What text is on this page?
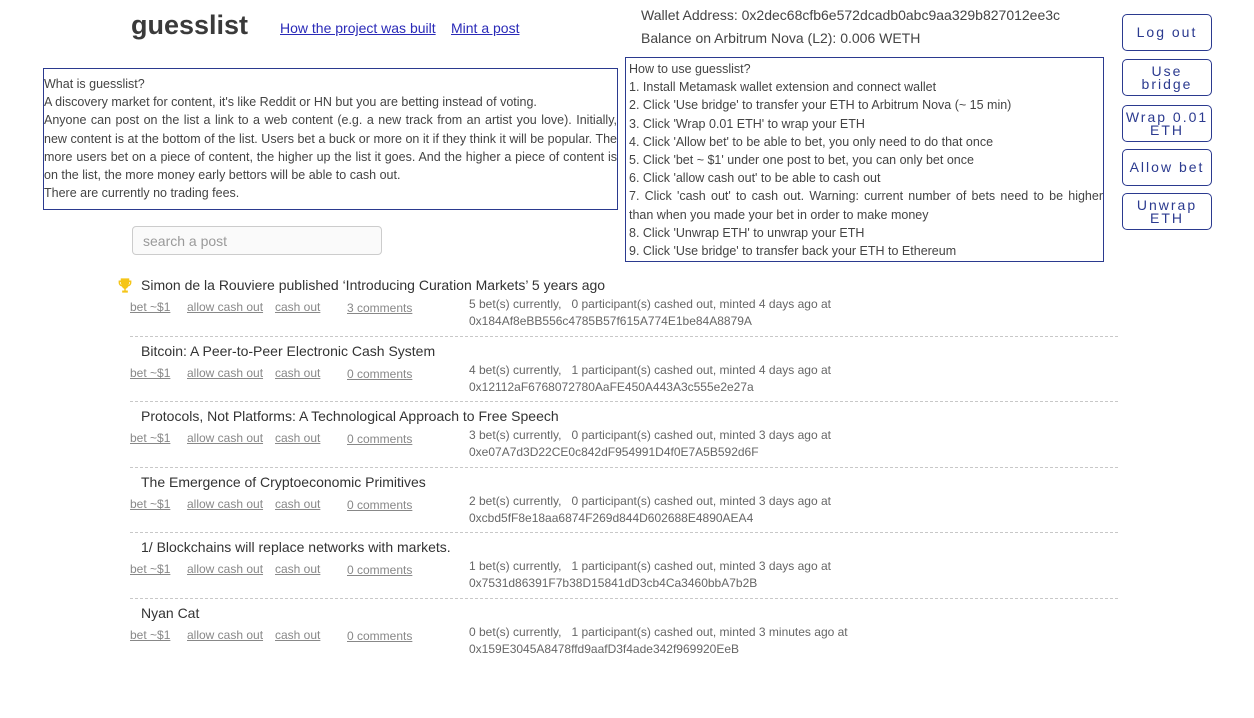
guesslist How the project was built Mint a post
Wallet Address: 0x2dec68cfb6e572dcadb0abc9aa329b827012ee3c
Balance on Arbitrum Nova (L2): 0.006 WETH	Log out
Use bridge
Wrap 0.01 ETH
Allow bet
Unwrap ETH

What is guesslist?

A discovery market for content, it's like Reddit or HN but you are betting instead of voting.

Anyone can post on the list a link to a web content (e.g. a new track from an artist you love). Initially, new content is at the bottom of the list. Users bet a buck or more on it if they think it will be popular. The more users bet on a piece of content, the higher up the list it goes. And the higher a piece of content is on the list, the more money early bettors will be able to cash out.

There are currently no trading fees.

How to use guesslist?

1. Install Metamask wallet extension and connect wallet

2. Click 'Use bridge' to transfer your ETH to Arbitrum Nova (~ 15 min)

3. Click 'Wrap 0.01 ETH' to wrap your ETH

4. Click 'Allow bet' to be able to bet, you only need to do that once

5. Click 'bet ~ $1' under one post to bet, you can only bet once

6. Click 'allow cash out' to be able to cash out

7. Click 'cash out' to cash out. Warning: current number of bets need to be higher than when you made your bet in order to make money

8. Click 'Unwrap ETH' to unwrap your ETH

9. Click 'Use bridge' to transfer back your ETH to Ethereum

search a post
Simon de la Rouviere published ‘Introducing Curation Markets’ 5 years ago
bet ~$1 allow cash out cash out 3 comments	5 bet(s) currently,   0 participant(s) cashed out, minted 4 days ago at
0x184Af8eBB556c4785B57f615A774E1be84A8879A
Bitcoin: A Peer-to-Peer Electronic Cash System
bet ~$1 allow cash out cash out 0 comments	4 bet(s) currently,   1 participant(s) cashed out, minted 4 days ago at
0x12112aF6768072780AaFE450A443A3c555e2e27a
Protocols, Not Platforms: A Technological Approach to Free Speech
bet ~$1 allow cash out cash out 0 comments	3 bet(s) currently,   0 participant(s) cashed out, minted 3 days ago at
0xe07A7d3D22CE0c842dF954991D4f0E7A5B592d6F
The Emergence of Cryptoeconomic Primitives
bet ~$1 allow cash out cash out 0 comments	2 bet(s) currently,   0 participant(s) cashed out, minted 3 days ago at
0xcbd5fF8e18aa6874F269d844D602688E4890AEA4
1/ Blockchains will replace networks with markets.
bet ~$1 allow cash out cash out 0 comments	1 bet(s) currently,   1 participant(s) cashed out, minted 3 days ago at
0x7531d86391F7b38D15841dD3cb4Ca3460bbA7b2B
Nyan Cat
bet ~$1 allow cash out cash out 0 comments	0 bet(s) currently,   1 participant(s) cashed out, minted 3 minutes ago at
0x159E3045A8478ffd9aafD3f4ade342f969920EeB
